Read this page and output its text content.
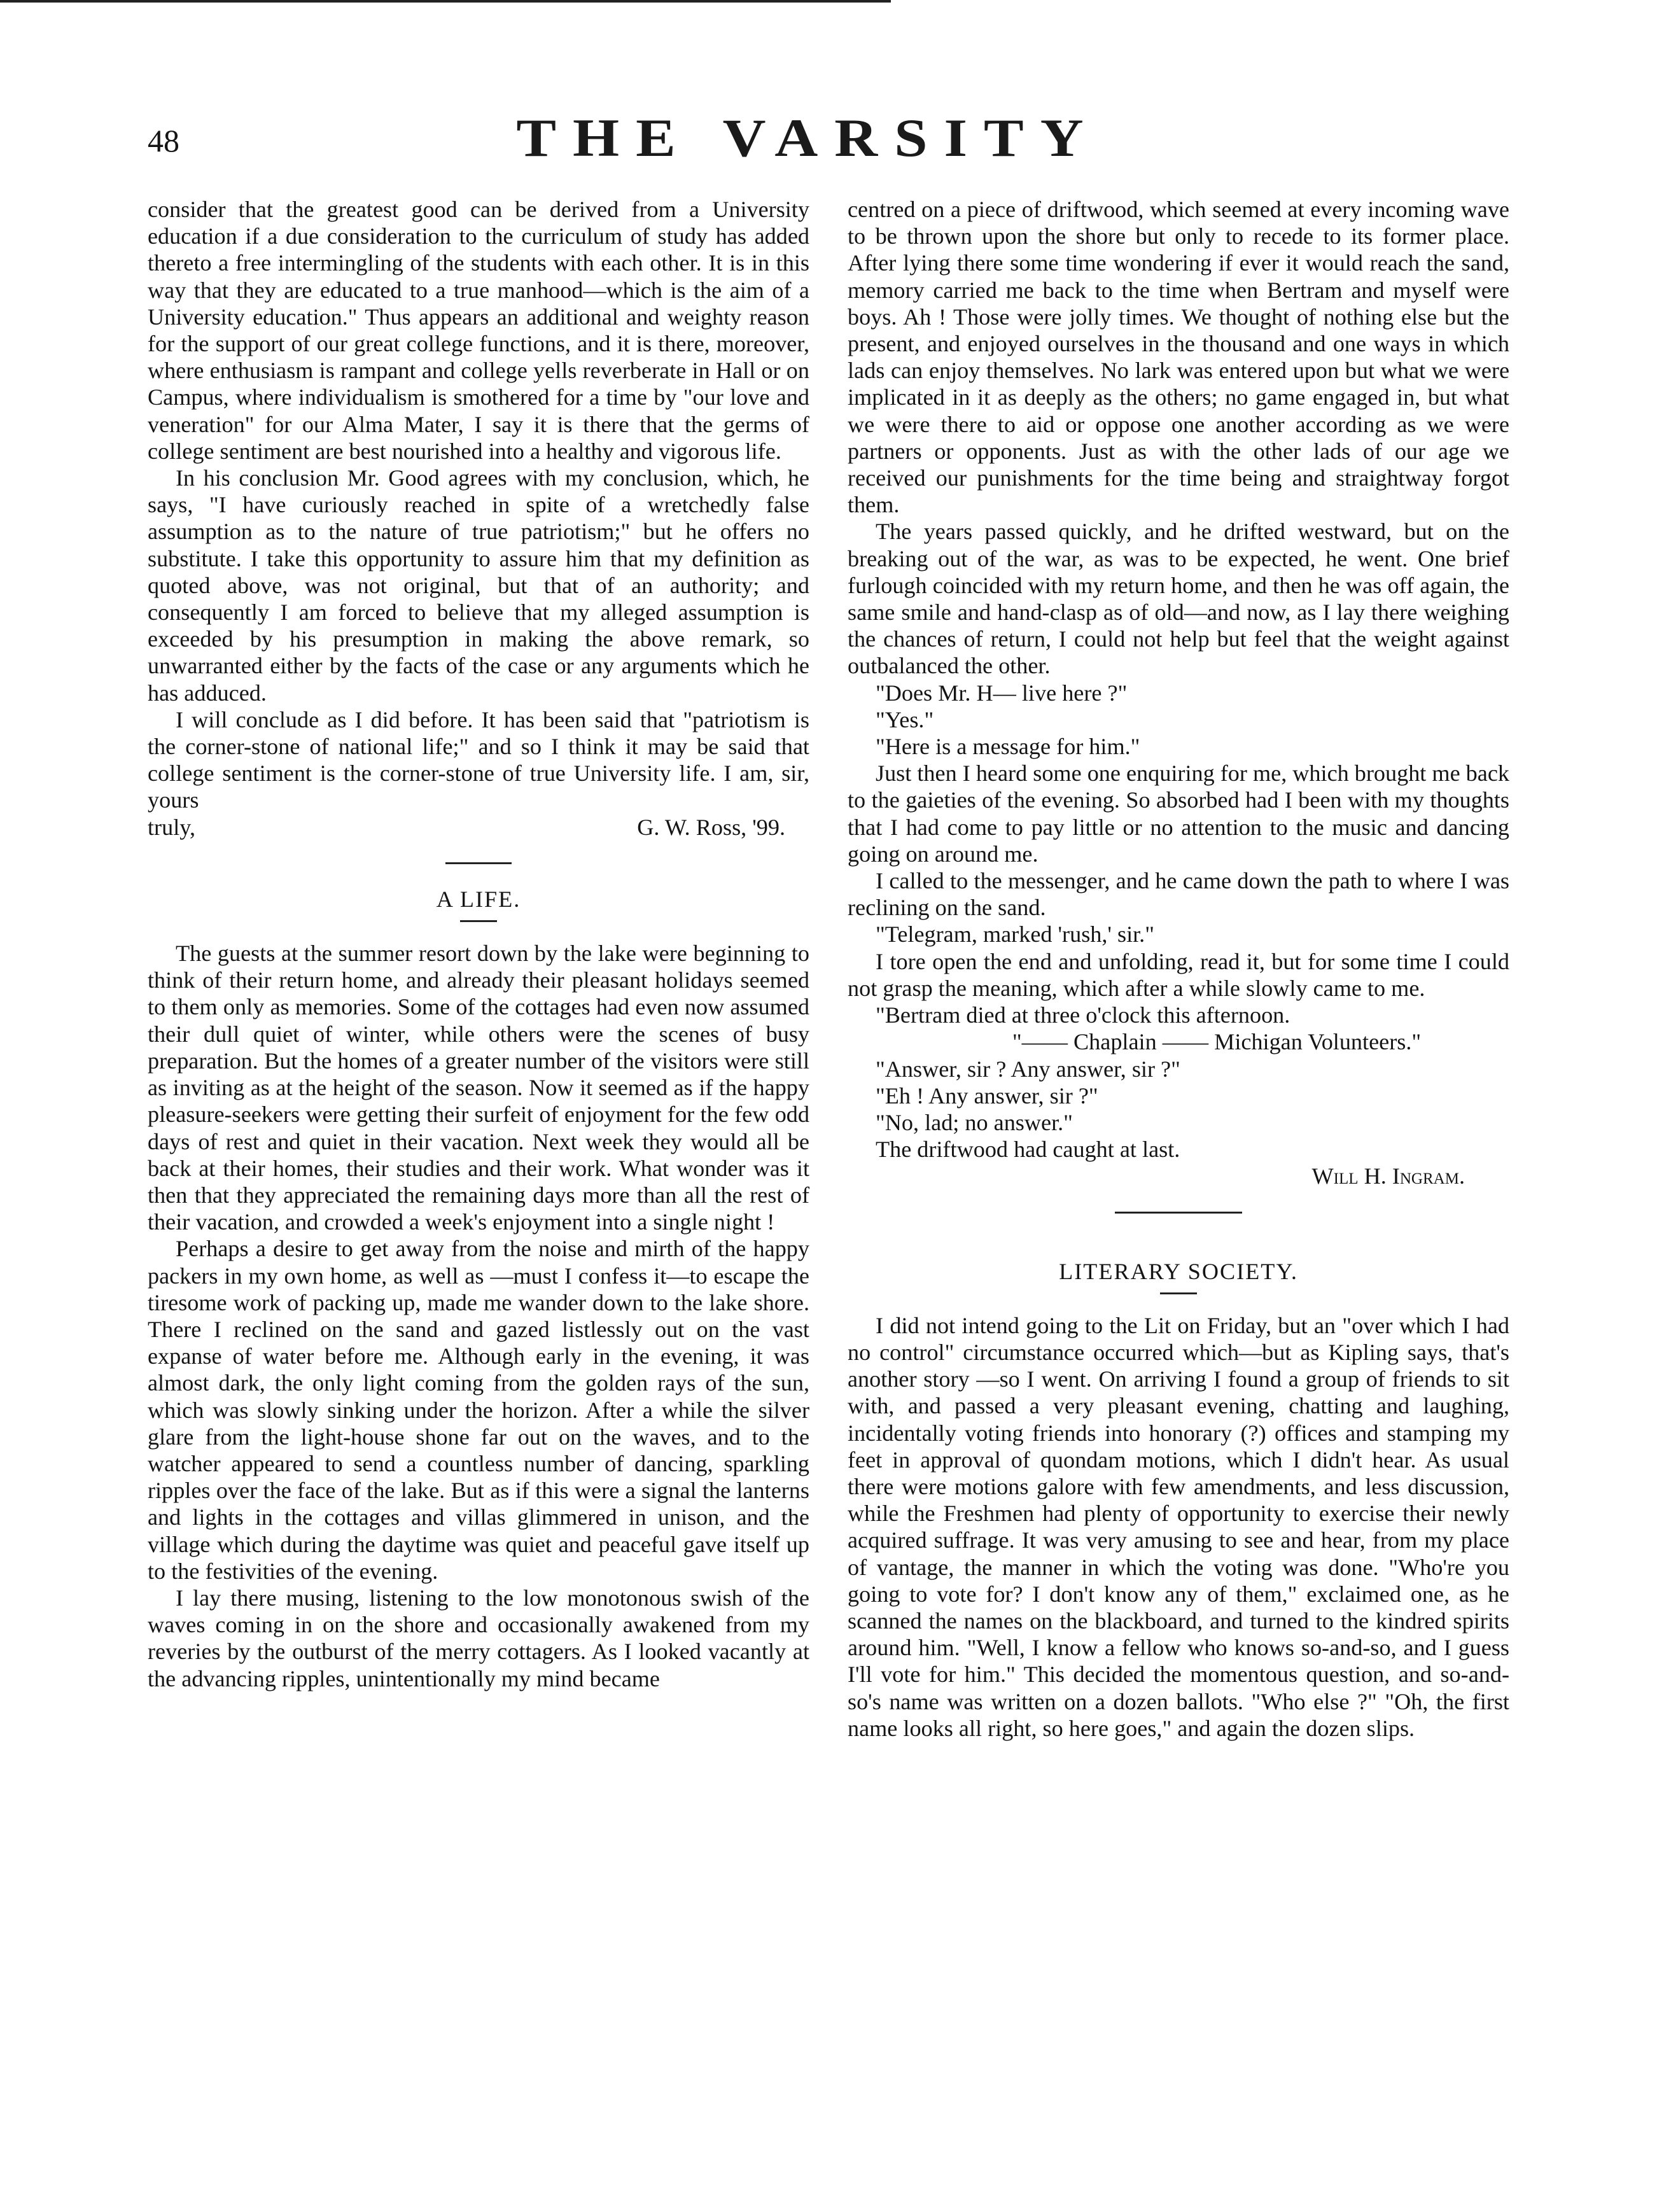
48	THE VARSITY

consider that the greatest good can be derived from a University education if a due consideration to the curriculum of study has added thereto a free intermingling of the students with each other. It is in this way that they are educated to a true manhood—which is the aim of a University education." Thus appears an additional and weighty reason for the support of our great college functions, and it is there, moreover, where enthusiasm is rampant and college yells reverberate in Hall or on Campus, where individualism is smothered for a time by "our love and veneration" for our Alma Mater, I say it is there that the germs of college sentiment are best nourished into a healthy and vigorous life.

In his conclusion Mr. Good agrees with my conclusion, which, he says, "I have curiously reached in spite of a wretchedly false assumption as to the nature of true patriotism;" but he offers no substitute. I take this opportunity to assure him that my definition as quoted above, was not original, but that of an authority; and consequently I am forced to believe that my alleged assumption is exceeded by his presumption in making the above remark, so unwarranted either by the facts of the case or any arguments which he has adduced.

I will conclude as I did before. It has been said that "patriotism is the corner-stone of national life;" and so I think it may be said that college sentiment is the corner-stone of true University life. I am, sir, yours

truly,	G. W. Ross, '99.

A LIFE.

The guests at the summer resort down by the lake were beginning to think of their return home, and already their pleasant holidays seemed to them only as memories. Some of the cottages had even now assumed their dull quiet of winter, while others were the scenes of busy preparation. But the homes of a greater number of the visitors were still as inviting as at the height of the season. Now it seemed as if the happy pleasure-seekers were getting their surfeit of enjoyment for the few odd days of rest and quiet in their vacation. Next week they would all be back at their homes, their studies and their work. What wonder was it then that they appreciated the remaining days more than all the rest of their vacation, and crowded a week's enjoyment into a single night !

Perhaps a desire to get away from the noise and mirth of the happy packers in my own home, as well as —must I confess it—to escape the tiresome work of packing up, made me wander down to the lake shore. There I reclined on the sand and gazed listlessly out on the vast expanse of water before me. Although early in the evening, it was almost dark, the only light coming from the golden rays of the sun, which was slowly sinking under the horizon. After a while the silver glare from the light-house shone far out on the waves, and to the watcher appeared to send a countless number of dancing, sparkling ripples over the face of the lake. But as if this were a signal the lanterns and lights in the cottages and villas glimmered in unison, and the village which during the daytime was quiet and peaceful gave itself up to the festivities of the evening.

I lay there musing, listening to the low monotonous swish of the waves coming in on the shore and occasionally awakened from my reveries by the outburst of the merry cottagers. As I looked vacantly at the advancing ripples, unintentionally my mind became

centred on a piece of driftwood, which seemed at every incoming wave to be thrown upon the shore but only to recede to its former place. After lying there some time wondering if ever it would reach the sand, memory carried me back to the time when Bertram and myself were boys. Ah ! Those were jolly times. We thought of nothing else but the present, and enjoyed ourselves in the thousand and one ways in which lads can enjoy themselves. No lark was entered upon but what we were implicated in it as deeply as the others; no game engaged in, but what we were there to aid or oppose one another according as we were partners or opponents. Just as with the other lads of our age we received our punishments for the time being and straightway forgot them.

The years passed quickly, and he drifted westward, but on the breaking out of the war, as was to be expected, he went. One brief furlough coincided with my return home, and then he was off again, the same smile and hand-clasp as of old—and now, as I lay there weighing the chances of return, I could not help but feel that the weight against outbalanced the other.

"Does Mr. H— live here ?"

"Yes."

"Here is a message for him."

Just then I heard some one enquiring for me, which brought me back to the gaieties of the evening. So absorbed had I been with my thoughts that I had come to pay little or no attention to the music and dancing going on around me.

I called to the messenger, and he came down the path to where I was reclining on the sand.

"Telegram, marked 'rush,' sir."

I tore open the end and unfolding, read it, but for some time I could not grasp the meaning, which after a while slowly came to me.

"Bertram died at three o'clock this afternoon.

"—— Chaplain —— Michigan Volunteers."

"Answer, sir ? Any answer, sir ?"

"Eh ! Any answer, sir ?"

"No, lad; no answer."

The driftwood had caught at last.

Will H. Ingram.

LITERARY SOCIETY.

I did not intend going to the Lit on Friday, but an "over which I had no control" circumstance occurred which—but as Kipling says, that's another story —so I went. On arriving I found a group of friends to sit with, and passed a very pleasant evening, chatting and laughing, incidentally voting friends into honorary (?) offices and stamping my feet in approval of quondam motions, which I didn't hear. As usual there were motions galore with few amendments, and less discussion, while the Freshmen had plenty of opportunity to exercise their newly acquired suffrage. It was very amusing to see and hear, from my place of vantage, the manner in which the voting was done. "Who're you going to vote for? I don't know any of them," exclaimed one, as he scanned the names on the blackboard, and turned to the kindred spirits around him. "Well, I know a fellow who knows so-and-so, and I guess I'll vote for him." This decided the momentous question, and so-and-so's name was written on a dozen ballots. "Who else ?" "Oh, the first name looks all right, so here goes," and again the dozen slips.
